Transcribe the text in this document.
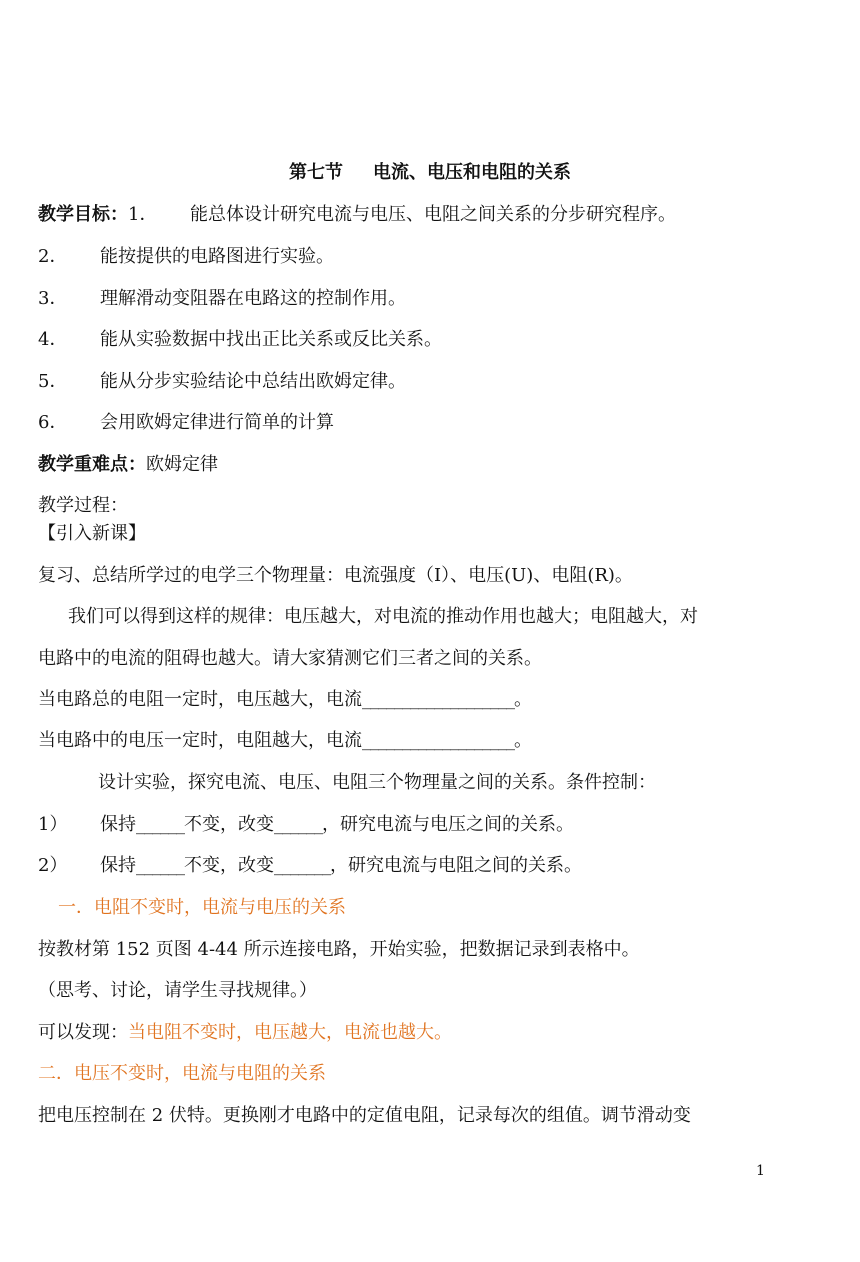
第七节 电流、电压和电阻的关系
教学目标：1． 能总体设计研究电流与电压、电阻之间关系的分步研究程序。
2． 能按提供的电路图进行实验。
3． 理解滑动变阻器在电路这的控制作用。
4． 能从实验数据中找出正比关系或反比关系。
5． 能从分步实验结论中总结出欧姆定律。
6． 会用欧姆定律进行简单的计算
教学重难点：欧姆定律
教学过程：
【引入新课】
复习、总结所学过的电学三个物理量：电流强度（I）、电压(U)、电阻(R)。
我们可以得到这样的规律：电压越大，对电流的推动作用也越大；电阻越大，对
电路中的电流的阻碍也越大。请大家猜测它们三者之间的关系。
当电路总的电阻一定时，电压越大，电流___________________。
当电路中的电压一定时，电阻越大，电流___________________。
设计实验，探究电流、电压、电阻三个物理量之间的关系。条件控制：
1） 保持______不变，改变______，研究电流与电压之间的关系。
2） 保持______不变，改变_______，研究电流与电阻之间的关系。
一．电阻不变时，电流与电压的关系
按教材第 152 页图 4-44 所示连接电路，开始实验，把数据记录到表格中。
（思考、讨论，请学生寻找规律。）
可以发现：当电阻不变时，电压越大，电流也越大。
二．电压不变时，电流与电阻的关系
把电压控制在 2 伏特。更换刚才电路中的定值电阻，记录每次的组值。调节滑动变
1
